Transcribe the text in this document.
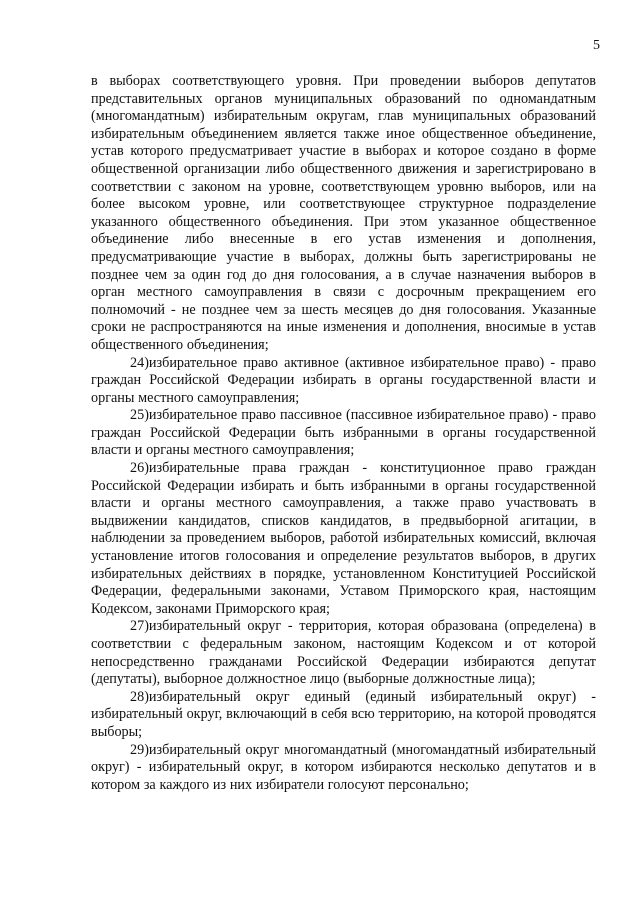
5

в выборах соответствующего уровня. При проведении выборов депутатов представительных органов муниципальных образований по одномандатным (многомандатным) избирательным округам, глав муниципальных образований избирательным объединением является также иное общественное объединение, устав которого предусматривает участие в выборах и которое создано в форме общественной организации либо общественного движения и зарегистрировано в соответствии с законом на уровне, соответствующем уровню выборов, или на более высоком уровне, или соответствующее структурное подразделение указанного общественного объединения. При этом указанное общественное объединение либо внесенные в его устав изменения и дополнения, предусматривающие участие в выборах, должны быть зарегистрированы не позднее чем за один год до дня голосования, а в случае назначения выборов в орган местного самоуправления в связи с досрочным прекращением его полномочий - не позднее чем за шесть месяцев до дня голосования. Указанные сроки не распространяются на иные изменения и дополнения, вносимые в устав общественного объединения;

24)избирательное право активное (активное избирательное право) - право граждан Российской Федерации избирать в органы государственной власти и органы местного самоуправления;

25)избирательное право пассивное (пассивное избирательное право) - право граждан Российской Федерации быть избранными в органы государственной власти и органы местного самоуправления;

26)избирательные права граждан - конституционное право граждан Российской Федерации избирать и быть избранными в органы государственной власти и органы местного самоуправления, а также право участвовать в выдвижении кандидатов, списков кандидатов, в предвыборной агитации, в наблюдении за проведением выборов, работой избирательных комиссий, включая установление итогов голосования и определение результатов выборов, в других избирательных действиях в порядке, установленном Конституцией Российской Федерации, федеральными законами, Уставом Приморского края, настоящим Кодексом, законами Приморского края;

27)избирательный округ - территория, которая образована (определена) в соответствии с федеральным законом, настоящим Кодексом и от которой непосредственно гражданами Российской Федерации избираются депутат (депутаты), выборное должностное лицо (выборные должностные лица);

28)избирательный округ единый (единый избирательный округ) - избирательный округ, включающий в себя всю территорию, на которой проводятся выборы;

29)избирательный округ многомандатный (многомандатный избирательный округ) - избирательный округ, в котором избираются несколько депутатов и в котором за каждого из них избиратели голосуют персонально;
